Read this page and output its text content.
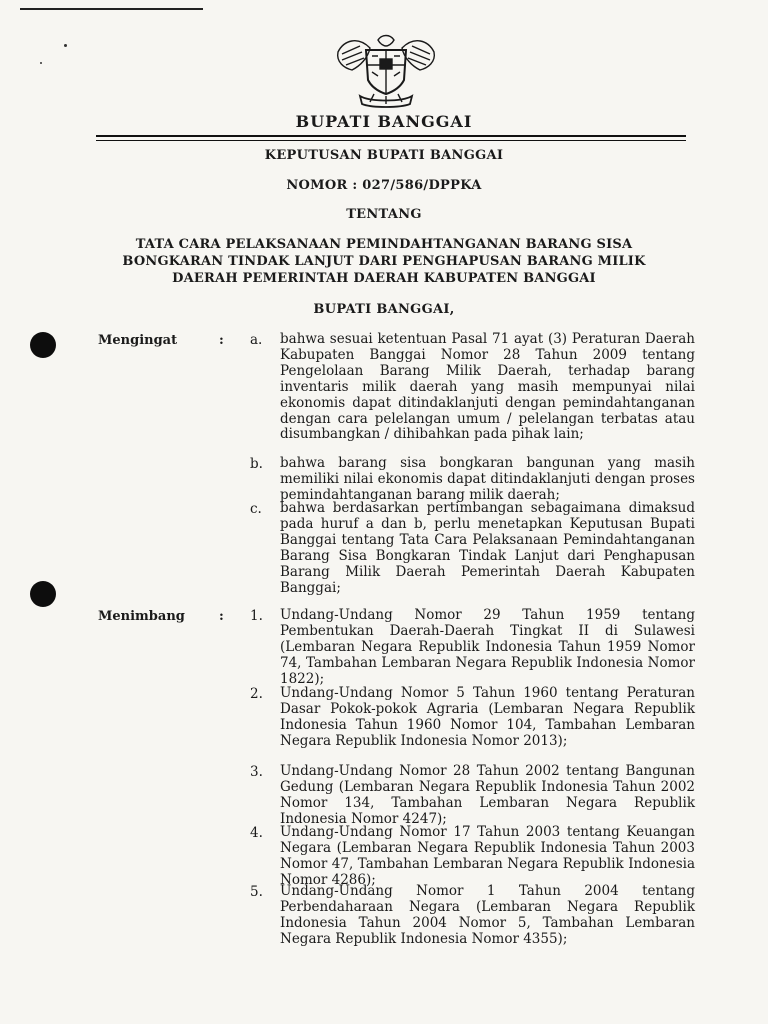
BUPATI BANGGAI
KEPUTUSAN BUPATI BANGGAI
NOMOR : 027/586/DPPKA
TENTANG
TATA CARA PELAKSANAAN PEMINDAHTANGANAN BARANG SISA
BONGKARAN TINDAK LANJUT DARI PENGHAPUSAN BARANG MILIK
DAERAH PEMERINTAH DAERAH KABUPATEN BANGGAI
BUPATI BANGGAI,
Mengingat	: a. bahwa sesuai ketentuan Pasal 71 ayat (3) Peraturan Daerah Kabupaten Banggai Nomor 28 Tahun 2009 tentang Pengelolaan Barang Milik Daerah, terhadap barang inventaris milik daerah yang masih mempunyai nilai ekonomis dapat ditindaklanjuti dengan pemindahtanganan dengan cara pelelangan umum / pelelangan terbatas atau disumbangkan / dihibahkan pada pihak lain;
b. bahwa barang sisa bongkaran bangunan yang masih memiliki nilai ekonomis dapat ditindaklanjuti dengan proses pemindahtanganan barang milik daerah;
c. bahwa berdasarkan pertimbangan sebagaimana dimaksud pada huruf a dan b, perlu menetapkan Keputusan Bupati Banggai tentang Tata Cara Pelaksanaan Pemindahtanganan Barang Sisa Bongkaran Tindak Lanjut dari Penghapusan Barang Milik Daerah Pemerintah Daerah Kabupaten Banggai;
Menimbang	: 1. Undang-Undang Nomor 29 Tahun 1959 tentang Pembentukan Daerah-Daerah Tingkat II di Sulawesi (Lembaran Negara Republik Indonesia Tahun 1959 Nomor 74, Tambahan Lembaran Negara Republik Indonesia Nomor 1822);
2. Undang-Undang Nomor 5 Tahun 1960 tentang Peraturan Dasar Pokok-pokok Agraria (Lembaran Negara Republik Indonesia Tahun 1960 Nomor 104, Tambahan Lembaran Negara Republik Indonesia Nomor 2013);
3. Undang-Undang Nomor 28 Tahun 2002 tentang Bangunan Gedung (Lembaran Negara Republik Indonesia Tahun 2002 Nomor 134, Tambahan Lembaran Negara Republik Indonesia Nomor 4247);
4. Undang-Undang Nomor 17 Tahun 2003 tentang Keuangan Negara (Lembaran Negara Republik Indonesia Tahun 2003 Nomor 47, Tambahan Lembaran Negara Republik Indonesia Nomor 4286);
5. Undang-Undang Nomor 1 Tahun 2004 tentang Perbendaharaan Negara (Lembaran Negara Republik Indonesia Tahun 2004 Nomor 5, Tambahan Lembaran Negara Republik Indonesia Nomor 4355);
